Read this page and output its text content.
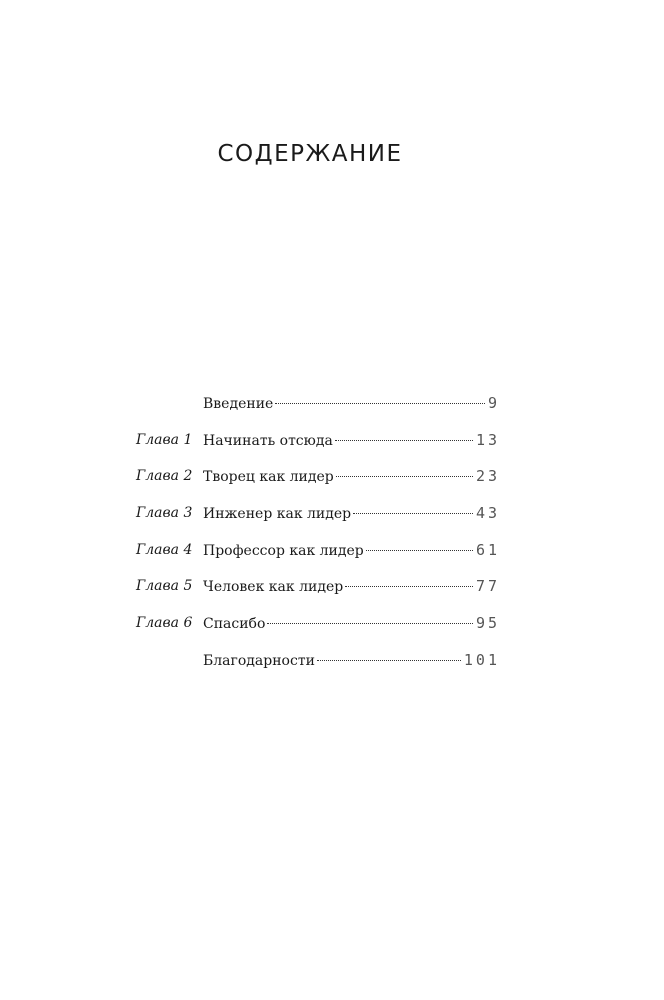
СОДЕРЖАНИЕ
Введение	9
Глава 1 Начинать отсюда	13
Глава 2 Творец как лидер	23
Глава 3 Инженер как лидер	43
Глава 4 Профессор как лидер	61
Глава 5 Человек как лидер	77
Глава 6 Спасибо	95
Благодарности	101
